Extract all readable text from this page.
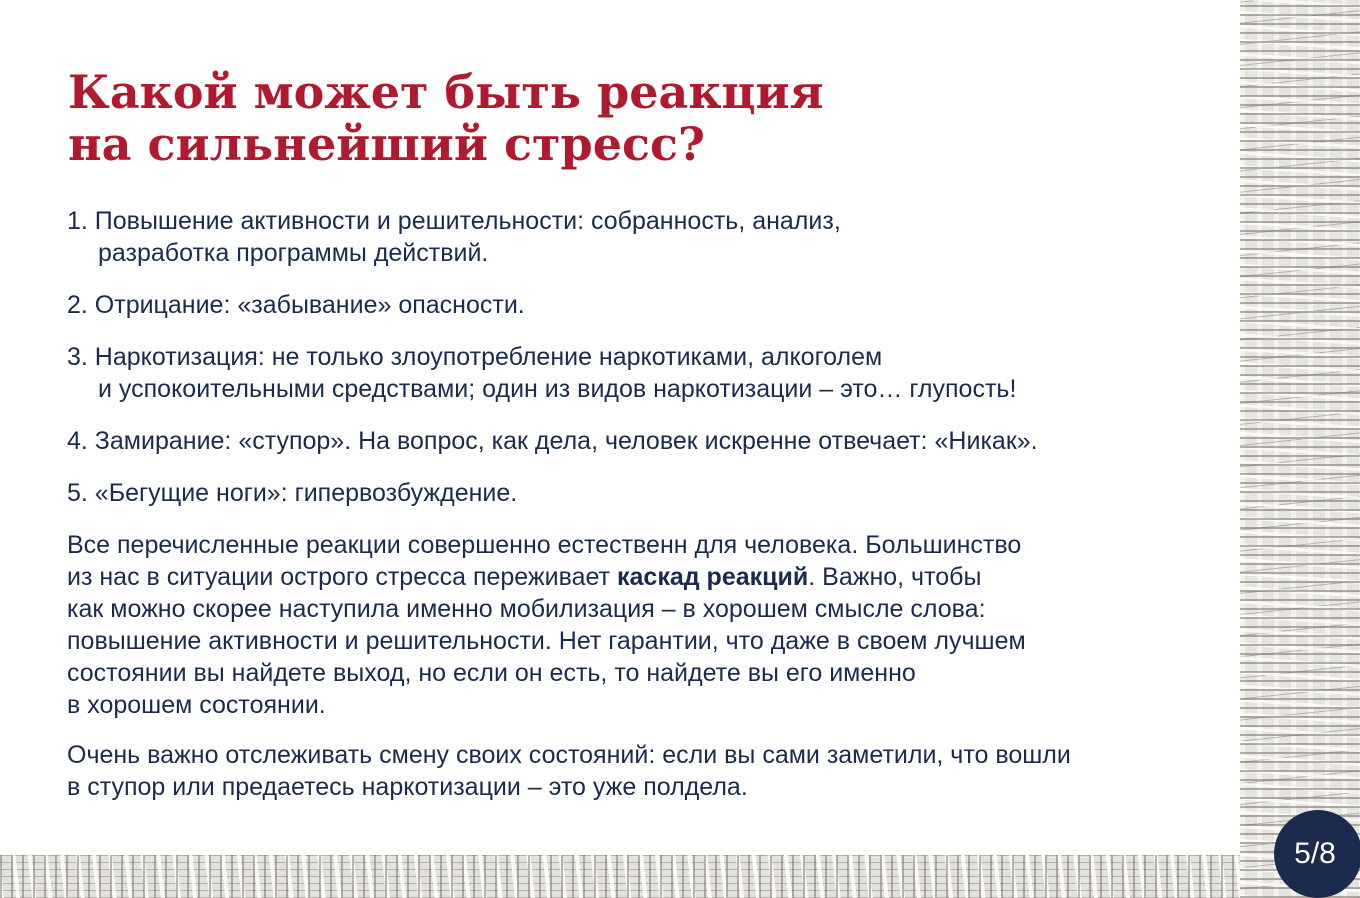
Какой может быть реакция
на сильнейший стресс?
1. Повышение активности и решительности: собранность, анализ,
разработка программы действий.
2. Отрицание: «забывание» опасности.
3. Наркотизация: не только злоупотребление наркотиками, алкоголем
и успокоительными средствами; один из видов наркотизации – это… глупость!
4. Замирание: «ступор». На вопрос, как дела, человек искренне отвечает: «Никак».
5. «Бегущие ноги»: гипервозбуждение.
Все перечисленные реакции совершенно естественн для человека. Большинство
из нас в ситуации острого стресса переживает каскад реакций. Важно, чтобы
как можно скорее наступила именно мобилизация – в хорошем смысле слова:
повышение активности и решительности. Нет гарантии, что даже в своем лучшем
состоянии вы найдете выход, но если он есть, то найдете вы его именно
в хорошем состоянии.
Очень важно отслеживать смену своих состояний: если вы сами заметили, что вошли
в ступор или предаетесь наркотизации – это уже полдела.
5/8
